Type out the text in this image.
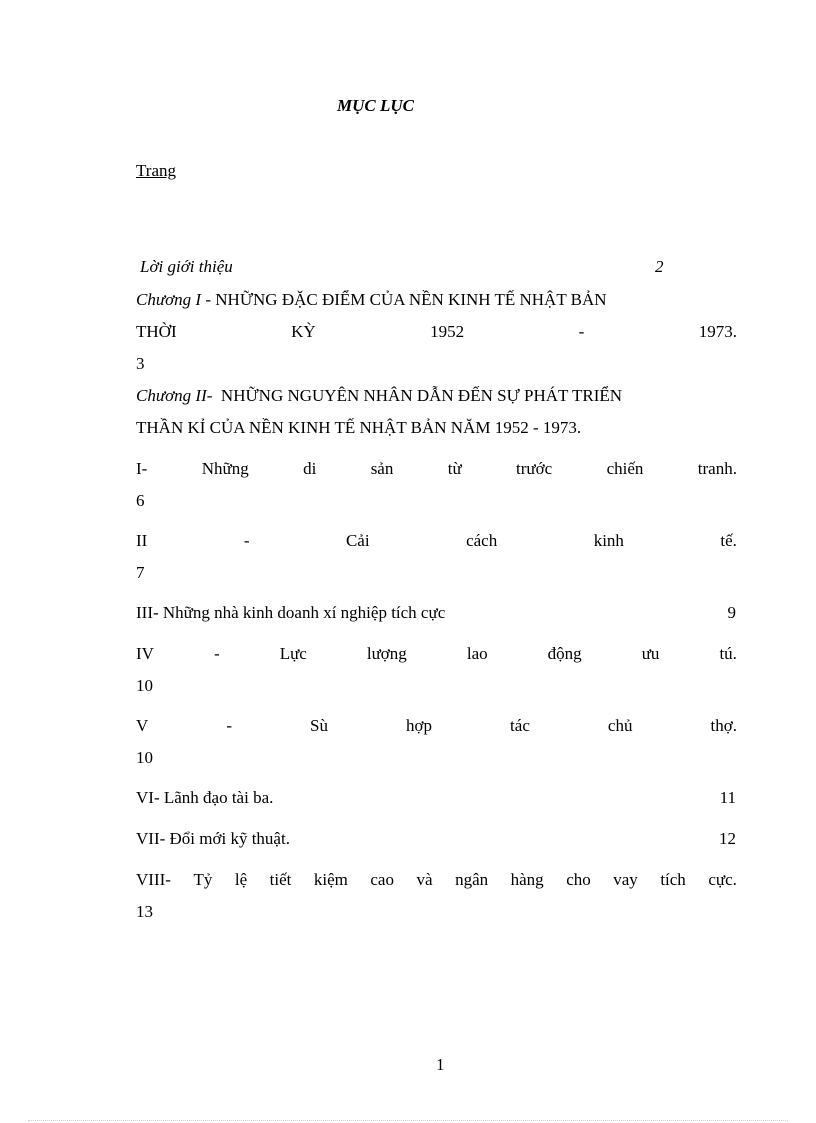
MỤC LỤC
Trang
Lời giới thiệu	2
Chương I - NHỮNG ĐẶC ĐIỂM CỦA NỀN KINH TẾ NHẬT BẢN
THỜI	KỲ	1952	-	1973.
3
Chương II-  NHỮNG NGUYÊN NHÂN DẪN ĐẾN SỰ PHÁT TRIỂN
THẦN KỈ CỦA NỀN KINH TẾ NHẬT BẢN NĂM 1952 - 1973.
I-	Những	di	sản	từ	trước	chiến	tranh.
6
II	-	Cải	cách	kinh	tế.
7
III- Những nhà kinh doanh xí nghiệp tích cực	9
IV	-	Lực	lượng	lao	động	ưu	tú.
10
V	-	Sù	hợp	tác	chủ	thợ.
10
VI- Lãnh đạo tài ba.	11
VII- Đổi mới kỹ thuật.	12
VIII- Tỷ lệ tiết kiệm cao và ngân hàng cho vay tích cực.
13
1
